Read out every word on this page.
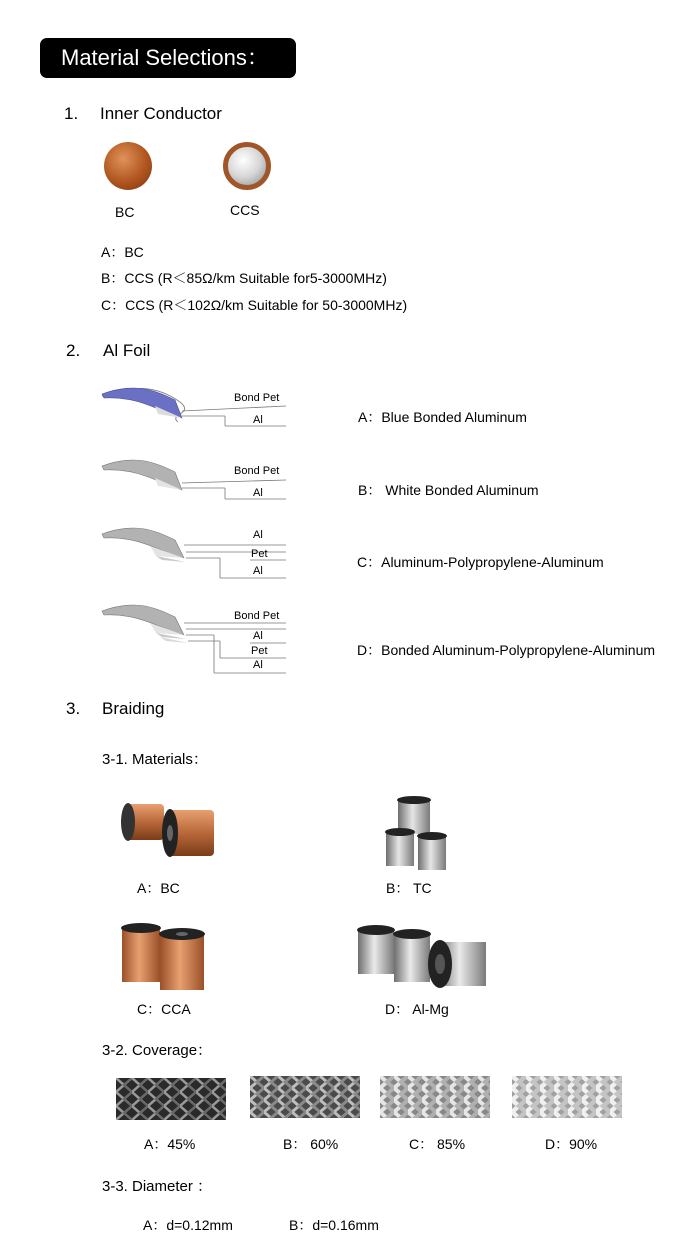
Material Selections：
1. Inner Conductor
BC	CCS
A：BC
B：CCS (R＜85Ω/km Suitable for5-3000MHz)
C：CCS (R＜102Ω/km Suitable for 50-3000MHz)
2. Al Foil
Bond Pet
Al	A：Blue Bonded Aluminum
Bond Pet
Al	B： White Bonded Aluminum
Al
Pet
Al
C：Aluminum-Polypropylene-Aluminum
Bond Pet
Al
Pet
Al
D：Bonded Aluminum-Polypropylene-Aluminum
3. Braiding
3-1. Materials：
A：BC	B： TC
C：CCA	D： Al-Mg
3-2. Coverage：
A：45%	B： 60%	C： 85%	D：90%
3-3. Diameter ：
A：d=0.12mm	B：d=0.16mm
